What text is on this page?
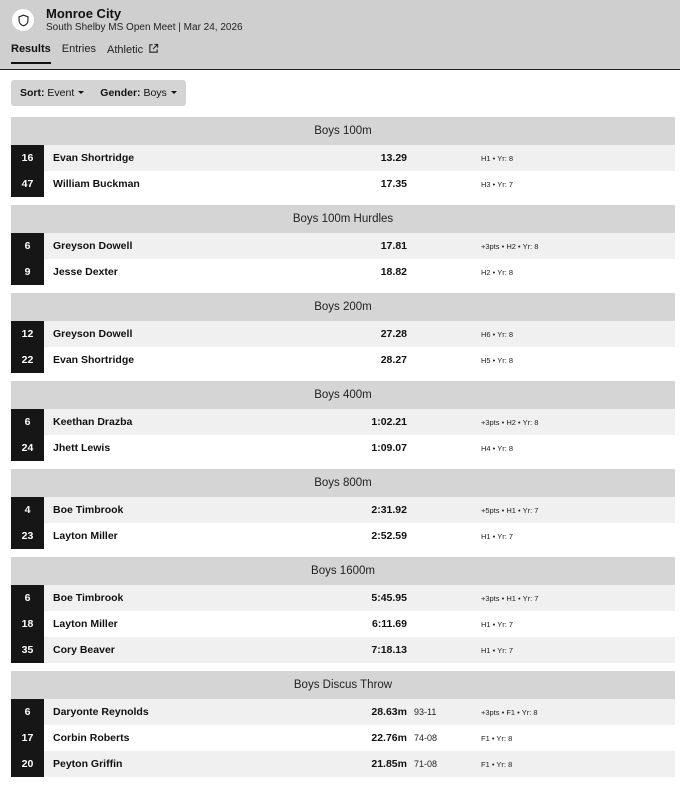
Monroe City
South Shelby MS Open Meet | Mar 24, 2026
Results Entries Athletic
Sort: Event	Gender: Boys
Boys 100m
16	Evan Shortridge	13.29	H1 • Yr: 8
47	William Buckman	17.35	H3 • Yr: 7
Boys 100m Hurdles
6	Greyson Dowell	17.81	+3pts • H2 • Yr: 8
9	Jesse Dexter	18.82	H2 • Yr: 8
Boys 200m
12	Greyson Dowell	27.28	H6 • Yr: 8
22	Evan Shortridge	28.27	H5 • Yr: 8
Boys 400m
6	Keethan Drazba	1:02.21	+3pts • H2 • Yr: 8
24	Jhett Lewis	1:09.07	H4 • Yr: 8
Boys 800m
4	Boe Timbrook	2:31.92	+5pts • H1 • Yr: 7
23	Layton Miller	2:52.59	H1 • Yr: 7
Boys 1600m
6	Boe Timbrook	5:45.95	+3pts • H1 • Yr: 7
18	Layton Miller	6:11.69	H1 • Yr: 7
35	Cory Beaver	7:18.13	H1 • Yr: 7
Boys Discus Throw
6	Daryonte Reynolds	28.63m 93-11	+3pts • F1 • Yr: 8
17	Corbin Roberts	22.76m 74-08	F1 • Yr: 8
20	Peyton Griffin	21.85m 71-08	F1 • Yr: 8
